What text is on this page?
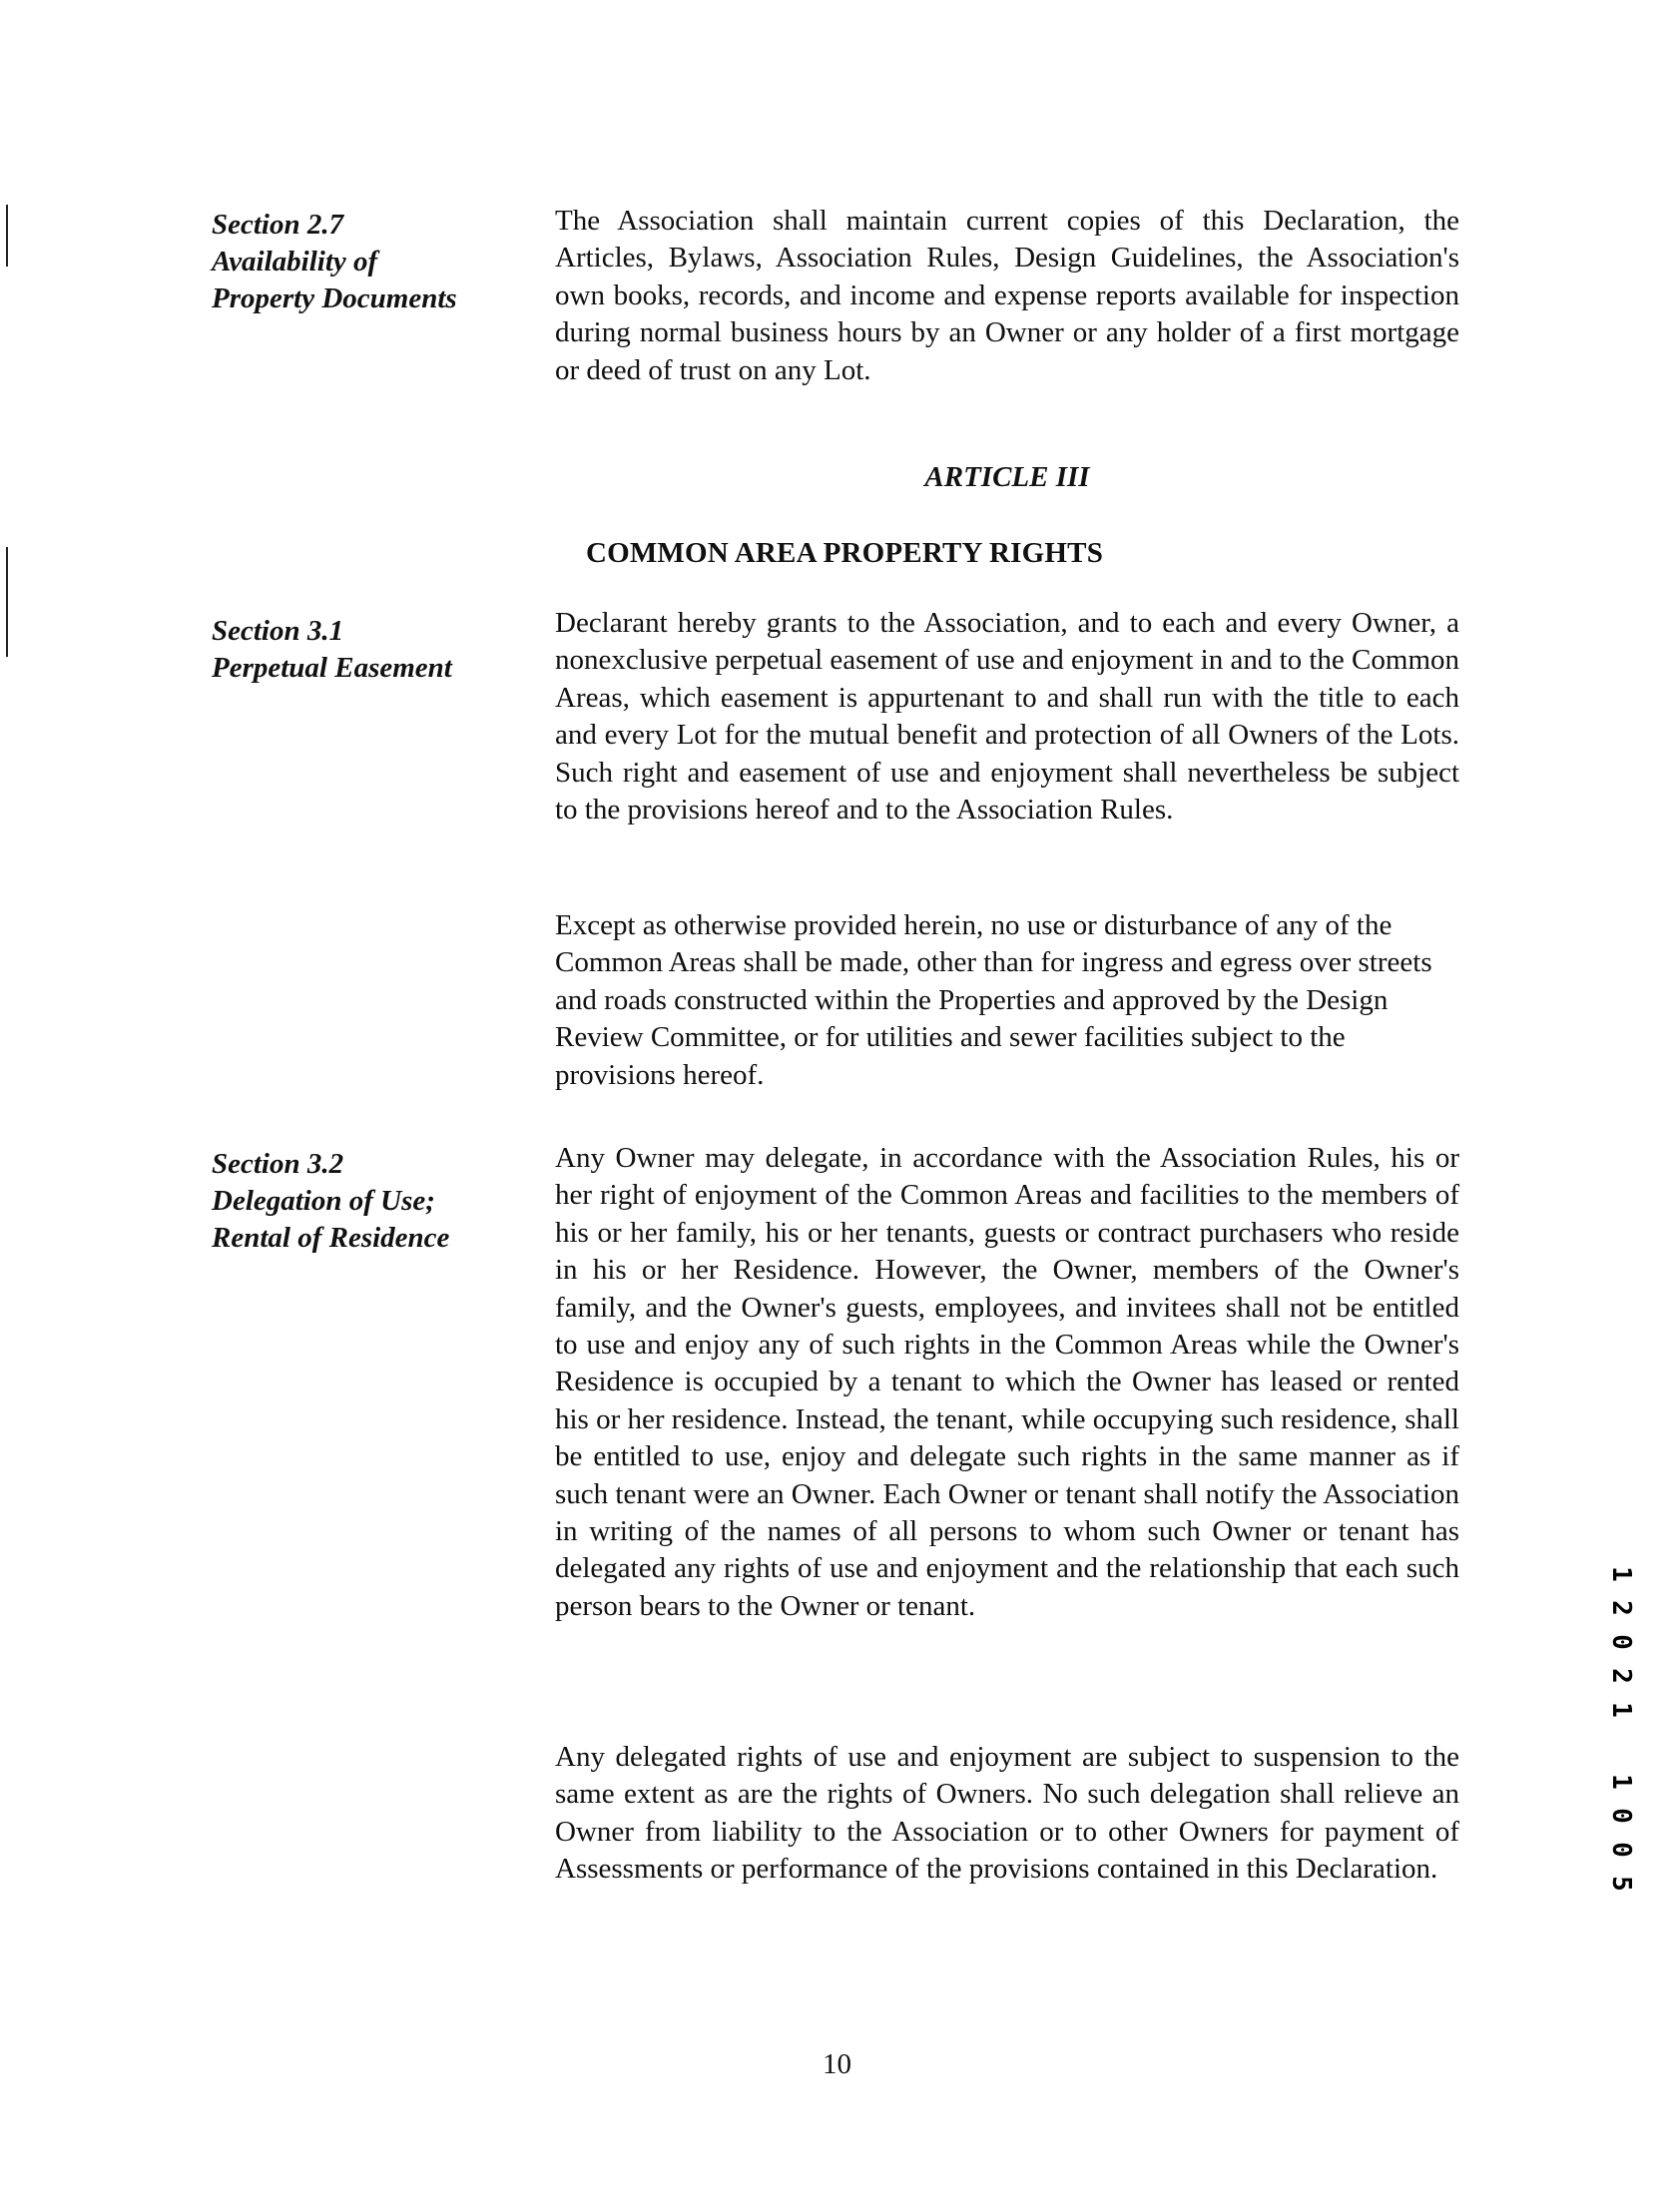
Section 2.7
Availability of
Property Documents
The Association shall maintain current copies of this Declaration, the Articles, Bylaws, Association Rules, Design Guidelines, the Association's own books, records, and income and expense reports available for inspection during normal business hours by an Owner or any holder of a first mortgage or deed of trust on any Lot.
ARTICLE III
COMMON AREA PROPERTY RIGHTS
Section 3.1
Perpetual Easement
Declarant hereby grants to the Association, and to each and every Owner, a nonexclusive perpetual easement of use and enjoyment in and to the Common Areas, which easement is appurtenant to and shall run with the title to each and every Lot for the mutual benefit and protection of all Owners of the Lots. Such right and easement of use and enjoyment shall nevertheless be subject to the provisions hereof and to the Association Rules.
Except as otherwise provided herein, no use or disturbance of any of the Common Areas shall be made, other than for ingress and egress over streets and roads constructed within the Properties and approved by the Design Review Committee, or for utilities and sewer facilities subject to the provisions hereof.
Section 3.2
Delegation of Use;
Rental of Residence
Any Owner may delegate, in accordance with the Association Rules, his or her right of enjoyment of the Common Areas and facilities to the members of his or her family, his or her tenants, guests or contract purchasers who reside in his or her Residence. However, the Owner, members of the Owner's family, and the Owner's guests, employees, and invitees shall not be entitled to use and enjoy any of such rights in the Common Areas while the Owner's Residence is occupied by a tenant to which the Owner has leased or rented his or her residence. Instead, the tenant, while occupying such residence, shall be entitled to use, enjoy and delegate such rights in the same manner as if such tenant were an Owner. Each Owner or tenant shall notify the Association in writing of the names of all persons to whom such Owner or tenant has delegated any rights of use and enjoyment and the relationship that each such person bears to the Owner or tenant.
Any delegated rights of use and enjoyment are subject to suspension to the same extent as are the rights of Owners. No such delegation shall relieve an Owner from liability to the Association or to other Owners for payment of Assessments or performance of the provisions contained in this Declaration.
10
1
2
0
2
1
1
0
0
5
